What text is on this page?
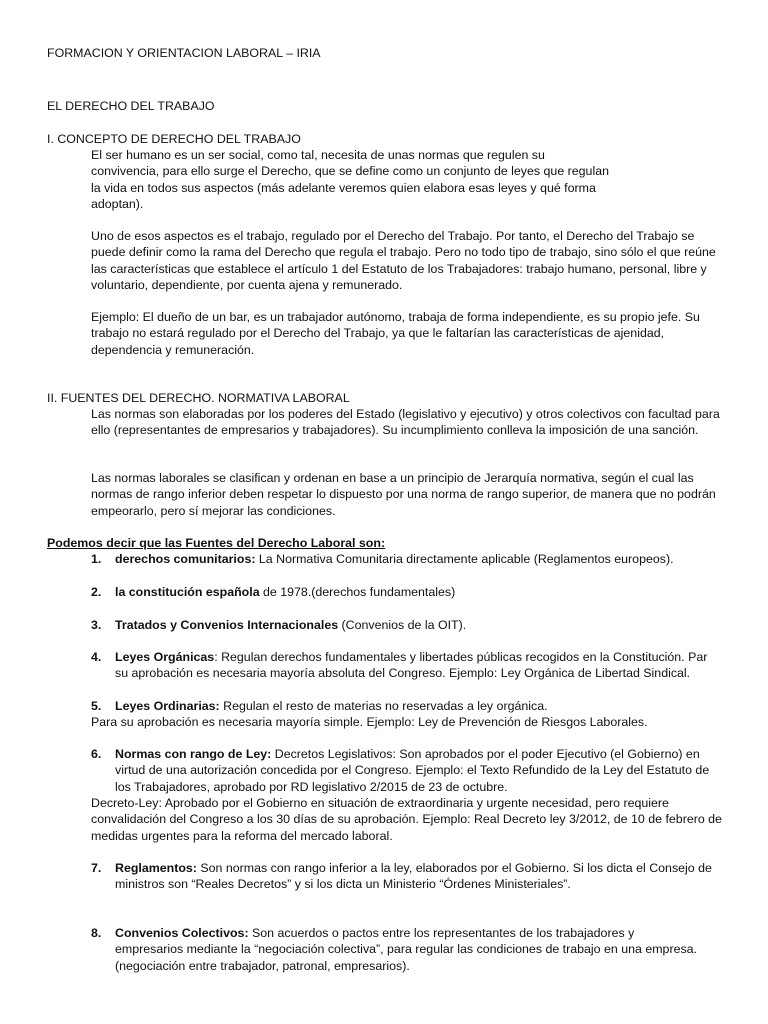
FORMACION Y ORIENTACION LABORAL – IRIA
EL DERECHO DEL TRABAJO
I. CONCEPTO DE DERECHO DEL TRABAJO
El ser humano es un ser social, como tal, necesita de unas normas que regulen su convivencia, para ello surge el Derecho, que se define como un conjunto de leyes que regulan la vida en todos sus aspectos (más adelante veremos quien elabora esas leyes y qué forma adoptan).
Uno de esos aspectos es el trabajo, regulado por el Derecho del Trabajo. Por tanto, el Derecho del Trabajo se puede definir como la rama del Derecho que regula el trabajo. Pero no todo tipo de trabajo, sino sólo el que reúne las características que establece el artículo 1 del Estatuto de los Trabajadores: trabajo humano, personal, libre y voluntario, dependiente, por cuenta ajena y remunerado.
Ejemplo: El dueño de un bar, es un trabajador autónomo, trabaja de forma independiente, es su propio jefe. Su trabajo no estará regulado por el Derecho del Trabajo, ya que le faltarían las características de ajenidad, dependencia y remuneración.
II. FUENTES DEL DERECHO. NORMATIVA LABORAL
Las normas son elaboradas por los poderes del Estado (legislativo y ejecutivo) y otros colectivos con facultad para ello (representantes de empresarios y trabajadores). Su incumplimiento conlleva la imposición de una sanción.
Las normas laborales se clasifican y ordenan en base a un principio de Jerarquía normativa, según el cual las normas de rango inferior deben respetar lo dispuesto por una norma de rango superior, de manera que no podrán empeorarlo, pero sí mejorar las condiciones.
Podemos decir que las Fuentes del Derecho Laboral son:
1.	derechos comunitarios: La Normativa Comunitaria directamente aplicable (Reglamentos europeos).
2.	la constitución española de 1978.(derechos fundamentales)
3.	Tratados y Convenios Internacionales (Convenios de la OIT).
4.	Leyes Orgánicas: Regulan derechos fundamentales y libertades públicas recogidos en la Constitución. Par su aprobación es necesaria mayoría absoluta del Congreso. Ejemplo: Ley Orgánica de Libertad Sindical.
5.	Leyes Ordinarias: Regulan el resto de materias no reservadas a ley orgánica.
Para su aprobación es necesaria mayoría simple. Ejemplo: Ley de Prevención de Riesgos Laborales.
6.	Normas con rango de Ley: Decretos Legislativos: Son aprobados por el poder Ejecutivo (el Gobierno) en virtud de una autorización concedida por el Congreso. Ejemplo: el Texto Refundido de la Ley del Estatuto de los Trabajadores, aprobado por RD legislativo 2/2015 de 23 de octubre.
Decreto-Ley: Aprobado por el Gobierno en situación de extraordinaria y urgente necesidad, pero requiere convalidación del Congreso a los 30 días de su aprobación. Ejemplo: Real Decreto ley 3/2012, de 10 de febrero de medidas urgentes para la reforma del mercado laboral.
7.	Reglamentos: Son normas con rango inferior a la ley, elaborados por el Gobierno. Si los dicta el Consejo de ministros son “Reales Decretos” y si los dicta un Ministerio “Órdenes Ministeriales”.
8.	Convenios Colectivos: Son acuerdos o pactos entre los representantes de los trabajadores y empresarios mediante la “negociación colectiva”, para regular las condiciones de trabajo en una empresa. (negociación entre trabajador, patronal, empresarios).
